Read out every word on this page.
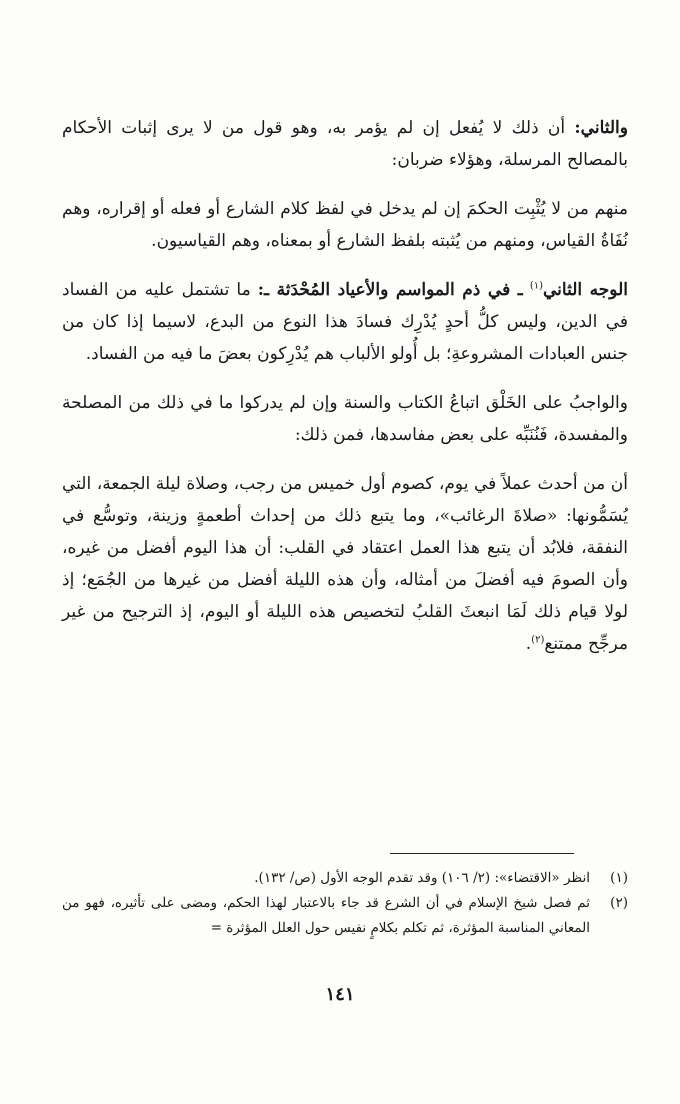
والثاني: أن ذلك لا يُفعل إن لم يؤمر به، وهو قول من لا يرى إثبات الأحكام بالمصالح المرسلة، وهؤلاء ضربان:

منهم من لا يُثْبِت الحكمَ إن لم يدخل في لفظ كلام الشارع أو فعله أو إقراره، وهم نُفَاةُ القياس، ومنهم من يُثبته بلفظ الشارع أو بمعناه، وهم القياسيون.

الوجه الثاني$^{(١)}$ ـ في ذم المواسم والأعياد المُحْدَثة ـ: ما تشتمل عليه من الفساد في الدين، وليس كلُّ أحدٍ يُدْرِك فسادَ هذا النوع من البدع، لاسيما إذا كان من جنس العبادات المشروعةِ؛ بل أُولو الألباب هم يُدْرِكون بعضَ ما فيه من الفساد.

والواجبُ على الخَلْق اتباعُ الكتاب والسنة وإن لم يدركوا ما في ذلك من المصلحة والمفسدة، فَنُنَبِّه على بعض مفاسدها، فمن ذلك:

أن من أحدث عملاً في يوم، كصوم أول خميس من رجب، وصلاة ليلة الجمعة، التي يُسَمُّونها: «صلاةَ الرغائب»، وما يتبع ذلك من إحداث أطعمةٍ وزينة، وتوسُّع في النفقة، فلابُد أن يتبع هذا العمل اعتقاد في القلب: أن هذا اليوم أفضل من غيره، وأن الصومَ فيه أفضلَ من أمثاله، وأن هذه الليلة أفضل من غيرها من الجُمَع؛ إذ لولا قيام ذلك لَمَا انبعثَ القلبُ لتخصيص هذه الليلة أو اليوم، إذ الترجيح من غير مرجِّح ممتنع$^{(٢)}$.

(١)
انظر «الاقتضاء»: (٢/ ١٠٦) وقد تقدم الوجه الأول (ص/ ١٣٢).
(٢)
ثم فصل شيخ الإسلام في أن الشرع قد جاء بالاعتبار لهذا الحكم، ومضى على تأثيره، فهو من المعاني المناسبة المؤثرة، ثم تكلم بكلامٍ نفيس حول العلل المؤثرة =
١٤١
